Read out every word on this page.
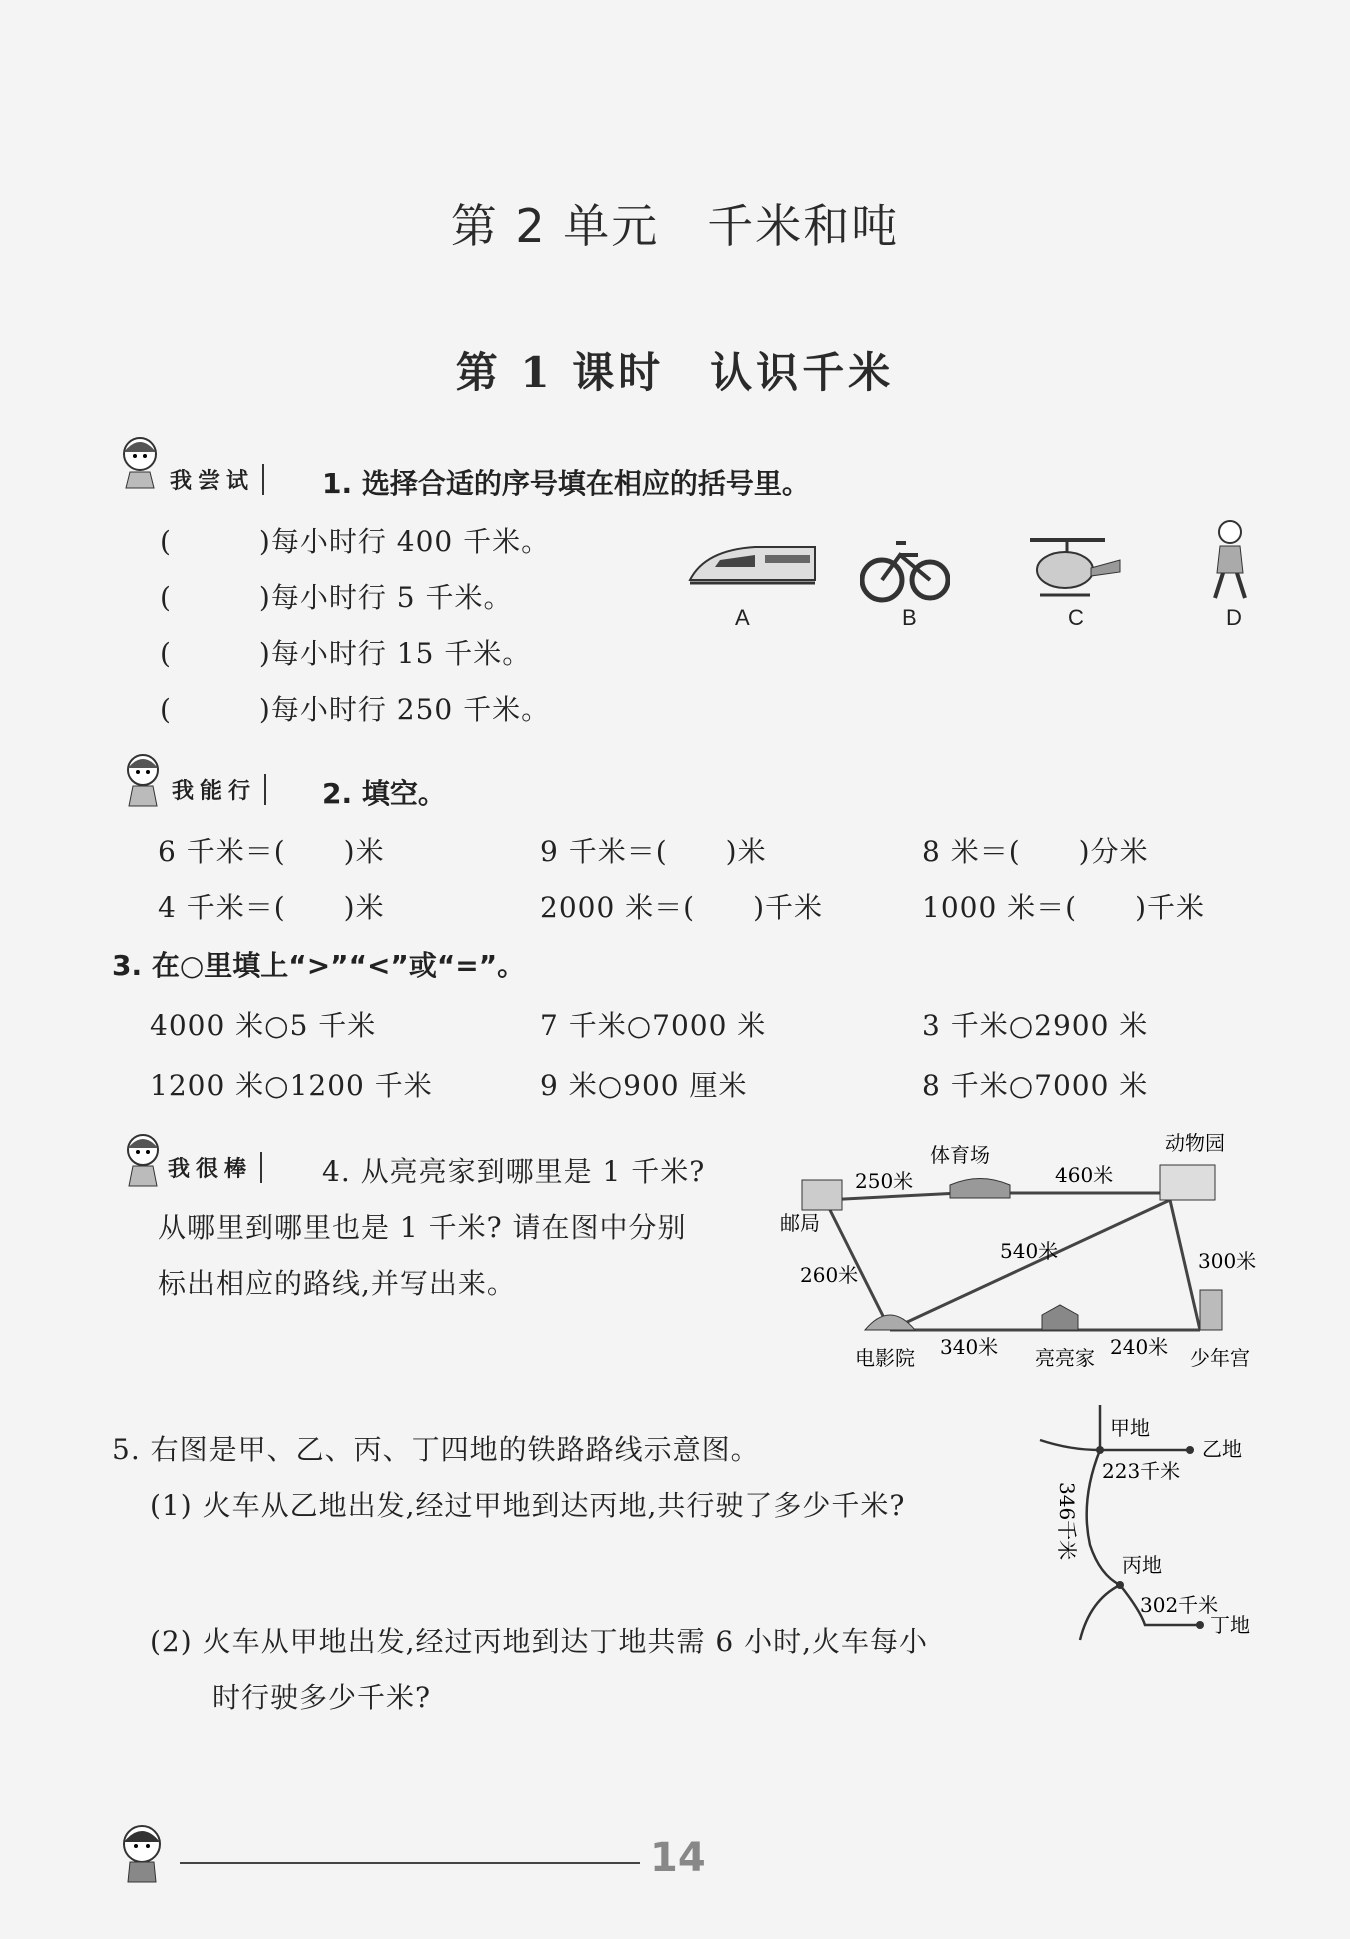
第 2 单元　千米和吨
第 1 课时　认识千米
我尝试
我能行
我很棒
1. 选择合适的序号填在相应的括号里。
(　　　)每小时行 400 千米。
(　　　)每小时行 5 千米。
(　　　)每小时行 15 千米。
(　　　)每小时行 250 千米。
A	B	C	D
2. 填空。
6 千米＝(　　)米	9 千米＝(　　)米	8 米＝(　　)分米
4 千米＝(　　)米	2000 米＝(　　)千米	1000 米＝(　　)千米
3. 在○里填上“>”“<”或“=”。
4000 米○5 千米	7 千米○7000 米	3 千米○2900 米
1200 米○1200 千米	9 米○900 厘米	8 千米○7000 米
4. 从亮亮家到哪里是 1 千米?
从哪里到哪里也是 1 千米? 请在图中分别
标出相应的路线,并写出来。
邮局
体育场	动物园
电影院	亮亮家	少年宫
250米	460米
540米	300米
260米
340米	240米
5. 右图是甲、乙、丙、丁四地的铁路路线示意图。
(1) 火车从乙地出发,经过甲地到达丙地,共行驶了多少千米?
(2) 火车从甲地出发,经过丙地到达丁地共需 6 小时,火车每小
时行驶多少千米?
甲地
乙地
丙地
丁地
223千米
346千米
302千米
14
